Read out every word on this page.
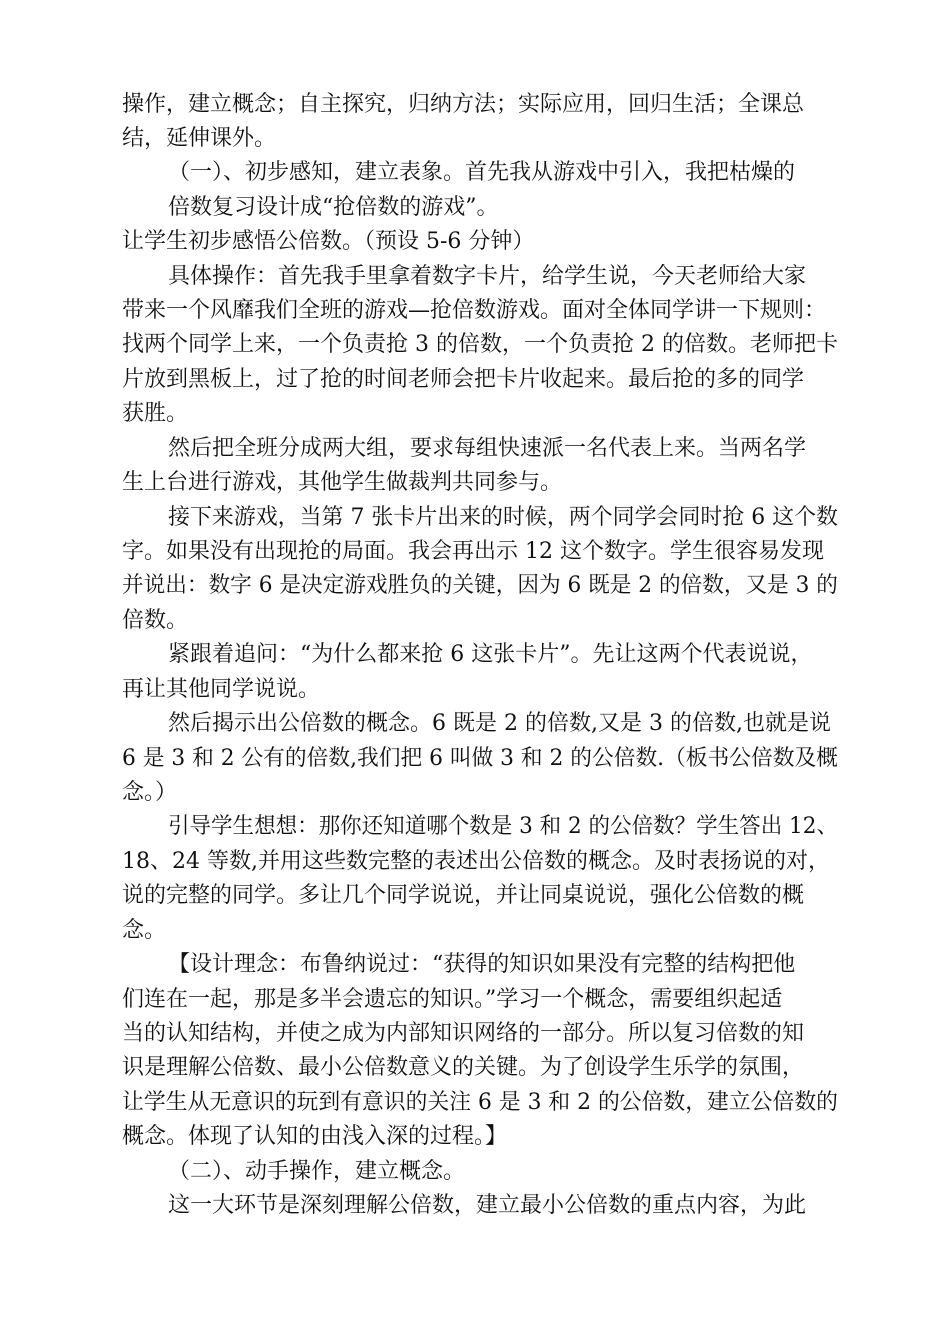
操作，建立概念；自主探究，归纳方法；实际应用，回归生活；全课总
结，延伸课外。
（一）、初步感知，建立表象。首先我从游戏中引入，我把枯燥的
倍数复习设计成“抢倍数的游戏”。
让学生初步感悟公倍数。（预设 5-6 分钟）
具体操作：首先我手里拿着数字卡片，给学生说，今天老师给大家
带来一个风靡我们全班的游戏—抢倍数游戏。面对全体同学讲一下规则：
找两个同学上来，一个负责抢 3 的倍数，一个负责抢 2 的倍数。老师把卡
片放到黑板上，过了抢的时间老师会把卡片收起来。最后抢的多的同学
获胜。
然后把全班分成两大组，要求每组快速派一名代表上来。当两名学
生上台进行游戏，其他学生做裁判共同参与。
接下来游戏，当第 7 张卡片出来的时候，两个同学会同时抢 6 这个数
字。如果没有出现抢的局面。我会再出示 12 这个数字。学生很容易发现
并说出：数字 6 是决定游戏胜负的关键，因为 6 既是 2 的倍数，又是 3 的
倍数。
紧跟着追问：“为什么都来抢 6 这张卡片”。先让这两个代表说说，
再让其他同学说说。
然后揭示出公倍数的概念。6 既是 2 的倍数,又是 3 的倍数,也就是说
6 是 3 和 2 公有的倍数,我们把 6 叫做 3 和 2 的公倍数.（板书公倍数及概
念。）
引导学生想想：那你还知道哪个数是 3 和 2 的公倍数？学生答出 12、
18、24 等数,并用这些数完整的表述出公倍数的概念。及时表扬说的对，
说的完整的同学。多让几个同学说说，并让同桌说说，强化公倍数的概
念。
【设计理念：布鲁纳说过：“获得的知识如果没有完整的结构把他
们连在一起，那是多半会遗忘的知识。”学习一个概念，需要组织起适
当的认知结构，并使之成为内部知识网络的一部分。所以复习倍数的知
识是理解公倍数、最小公倍数意义的关键。为了创设学生乐学的氛围，
让学生从无意识的玩到有意识的关注 6 是 3 和 2 的公倍数，建立公倍数的
概念。体现了认知的由浅入深的过程。】
（二）、动手操作，建立概念。
这一大环节是深刻理解公倍数，建立最小公倍数的重点内容，为此
